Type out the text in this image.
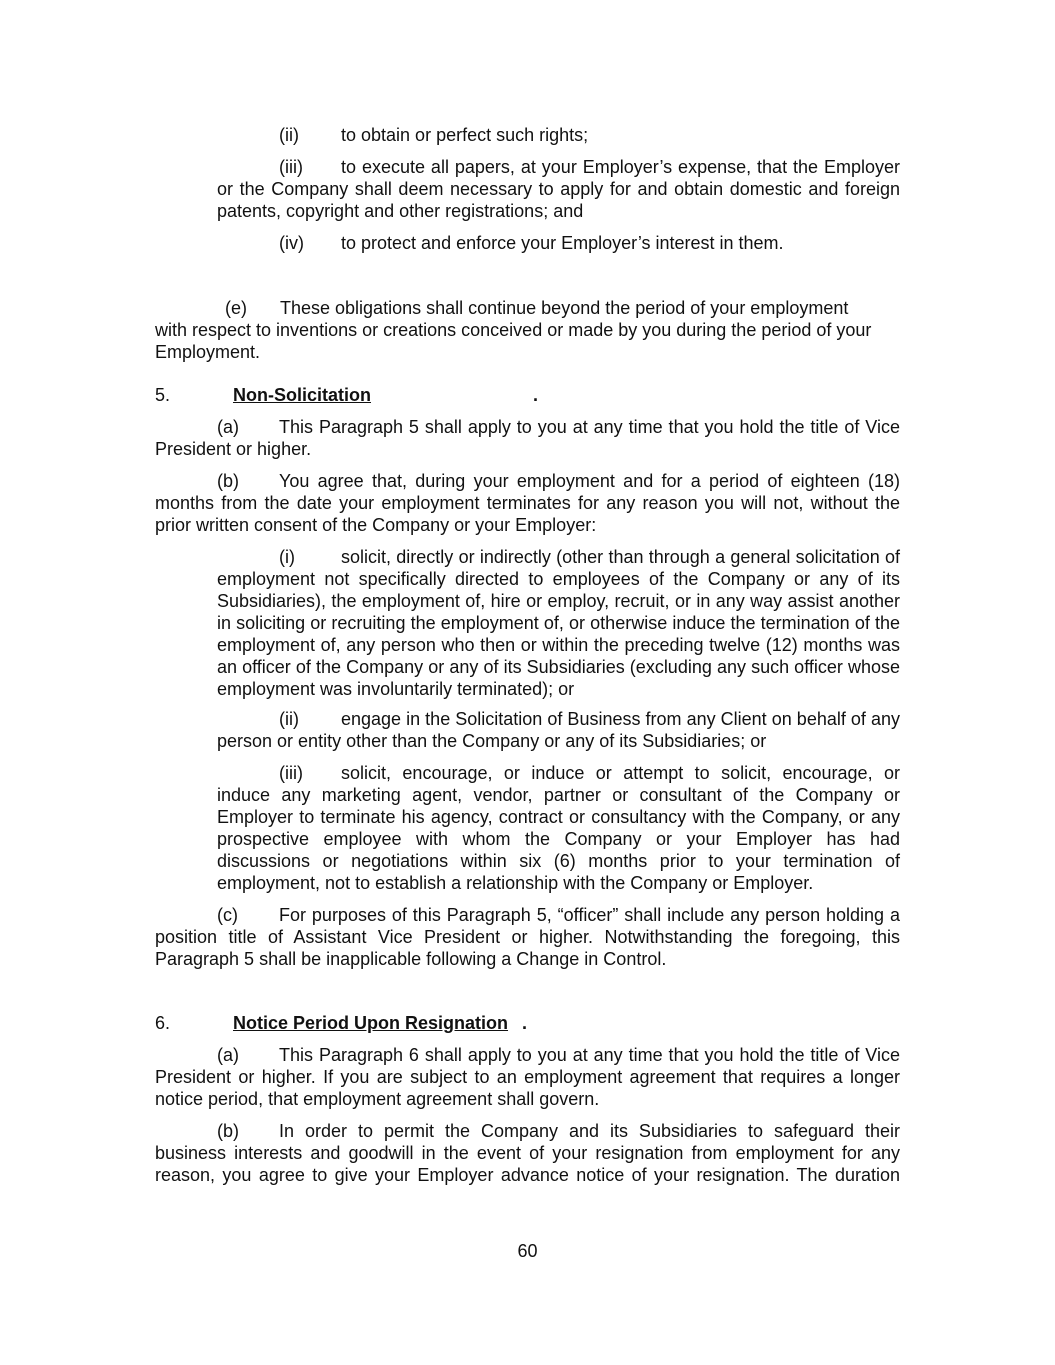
(ii) to obtain or perfect such rights;

(iii) to execute all papers, at your Employer’s expense, that the Employer or the Company shall deem necessary to apply for and obtain domestic and foreign patents, copyright and other registrations; and

(iv) to protect and enforce your Employer’s interest in them.

(e) These obligations shall continue beyond the period of your employment with respect to inventions or creations conceived or made by you during the period of your Employment.

5.	Non-Solicitation	.

(a) This Paragraph 5 shall apply to you at any time that you hold the title of Vice President or higher.

(b) You agree that, during your employment and for a period of eighteen (18) months from the date your employment terminates for any reason you will not, without the prior written consent of the Company or your Employer:

(i)	solicit, directly or indirectly (other than through a general solicitation of employment not specifically directed to employees of the Company or any of its Subsidiaries), the employment of, hire or employ, recruit, or in any way assist another in soliciting or recruiting the employment of, or otherwise induce the termination of the employment of, any person who then or within the preceding twelve (12) months was an officer of the Company or any of its Subsidiaries (excluding any such officer whose employment was involuntarily terminated); or

(ii) engage in the Solicitation of Business from any Client on behalf of any person or entity other than the Company or any of its Subsidiaries; or

(iii) solicit, encourage, or induce or attempt to solicit, encourage, or induce any marketing agent, vendor, partner or consultant of the Company or Employer to terminate his agency, contract or consultancy with the Company, or any prospective employee with whom the Company or your Employer has had discussions or negotiations within six (6) months prior to your termination of employment, not to establish a relationship with the Company or Employer.

(c) For purposes of this Paragraph 5, “officer” shall include any person holding a position title of Assistant Vice President or higher. Notwithstanding the foregoing, this Paragraph 5 shall be inapplicable following a Change in Control.

6.	Notice Period Upon Resignation .

(a) This Paragraph 6 shall apply to you at any time that you hold the title of Vice President or higher. If you are subject to an employment agreement that requires a longer notice period, that employment agreement shall govern.

(b) In order to permit the Company and its Subsidiaries to safeguard their business interests and goodwill in the event of your resignation from employment for any reason, you agree to give your Employer advance notice of your resignation. The duration

60
